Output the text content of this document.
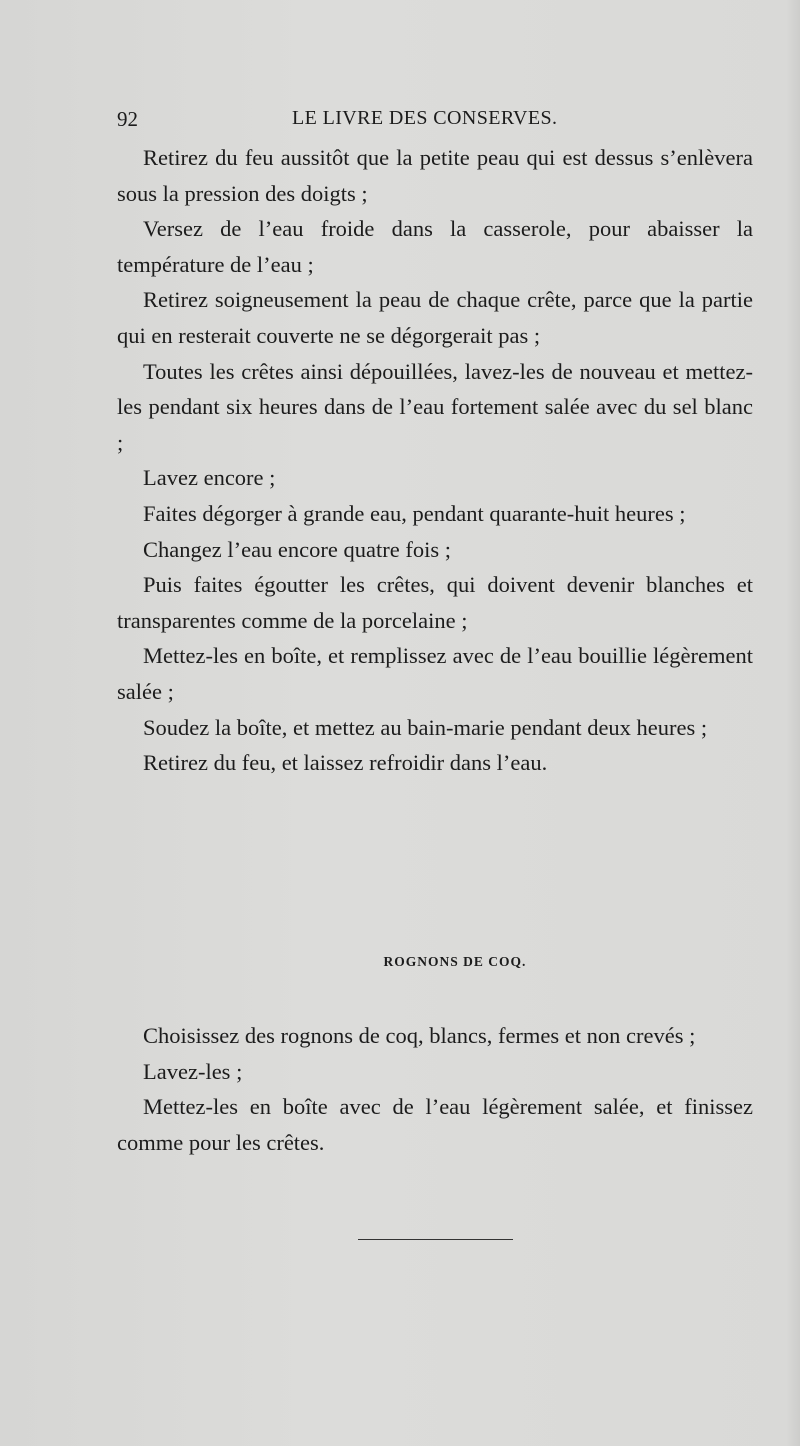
92	LE LIVRE DES CONSERVES.

Retirez du feu aussitôt que la petite peau qui est dessus s’enlèvera sous la pression des doigts ;

Versez de l’eau froide dans la casserole, pour abaisser la température de l’eau ;

Retirez soigneusement la peau de chaque crête, parce que la partie qui en resterait couverte ne se dégorgerait pas ;

Toutes les crêtes ainsi dépouillées, lavez-les de nouveau et mettez-les pendant six heures dans de l’eau fortement salée avec du sel blanc ;

Lavez encore ;

Faites dégorger à grande eau, pendant quarante-huit heures ;

Changez l’eau encore quatre fois ;

Puis faites égoutter les crêtes, qui doivent devenir blanches et transparentes comme de la porcelaine ;

Mettez-les en boîte, et remplissez avec de l’eau bouillie légèrement salée ;

Soudez la boîte, et mettez au bain-marie pendant deux heures ;

Retirez du feu, et laissez refroidir dans l’eau.

ROGNONS DE COQ.

Choisissez des rognons de coq, blancs, fermes et non crevés ;

Lavez-les ;

Mettez-les en boîte avec de l’eau légèrement salée, et finissez comme pour les crêtes.
